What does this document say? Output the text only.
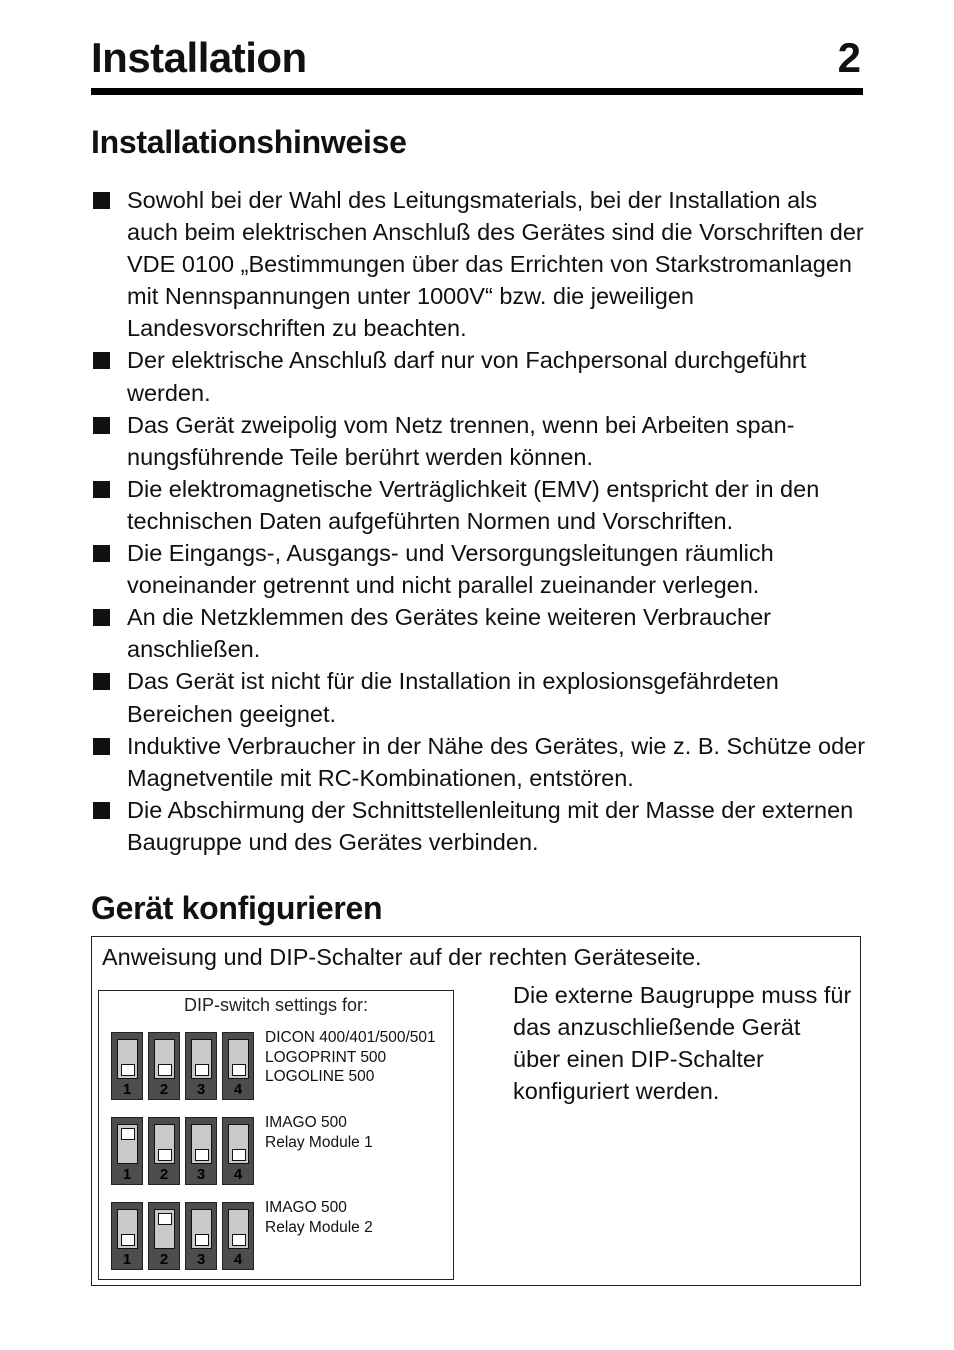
Installation	2
Installationshinweise
Sowohl bei der Wahl des Leitungsmaterials, bei der Installation als auch beim elektrischen Anschluß des Gerätes sind die Vorschriften der VDE 0100 „Bestimmungen über das Errichten von Starkstromanlagen mit Nennspannungen unter 1000V“ bzw. die jeweiligen Landesvorschriften zu beachten.
Der elektrische Anschluß darf nur von Fachpersonal durchgeführt werden.
Das Gerät zweipolig vom Netz trennen, wenn bei Arbeiten spannungsführende Teile berührt werden können.
Die elektromagnetische Verträglichkeit (EMV) entspricht der in den technischen Daten aufgeführten Normen und Vorschriften.
Die Eingangs-, Ausgangs- und Versorgungsleitungen räumlich voneinander getrennt und nicht parallel zueinander verlegen.
An die Netzklemmen des Gerätes keine weiteren Verbraucher anschließen.
Das Gerät ist nicht für die Installation in explosionsgefährdeten Bereichen geeignet.
Induktive Verbraucher in der Nähe des Gerätes, wie z. B. Schütze oder Magnetventile mit RC-Kombinationen, entstören.
Die Abschirmung der Schnittstellenleitung mit der Masse der externen Baugruppe und des Gerätes verbinden.
Gerät konfigurieren
Anweisung und DIP-Schalter auf der rechten Geräteseite.
DIP-switch settings for:
1	2	3	4
DICON 400/401/500/501
LOGOPRINT 500
LOGOLINE 500
1	2	3	4
IMAGO 500
Relay Module 1
1	2	3	4
IMAGO 500
Relay Module 2
Die externe Baugruppe muss für das anzuschließende Gerät über einen DIP-Schalter konfiguriert werden.
